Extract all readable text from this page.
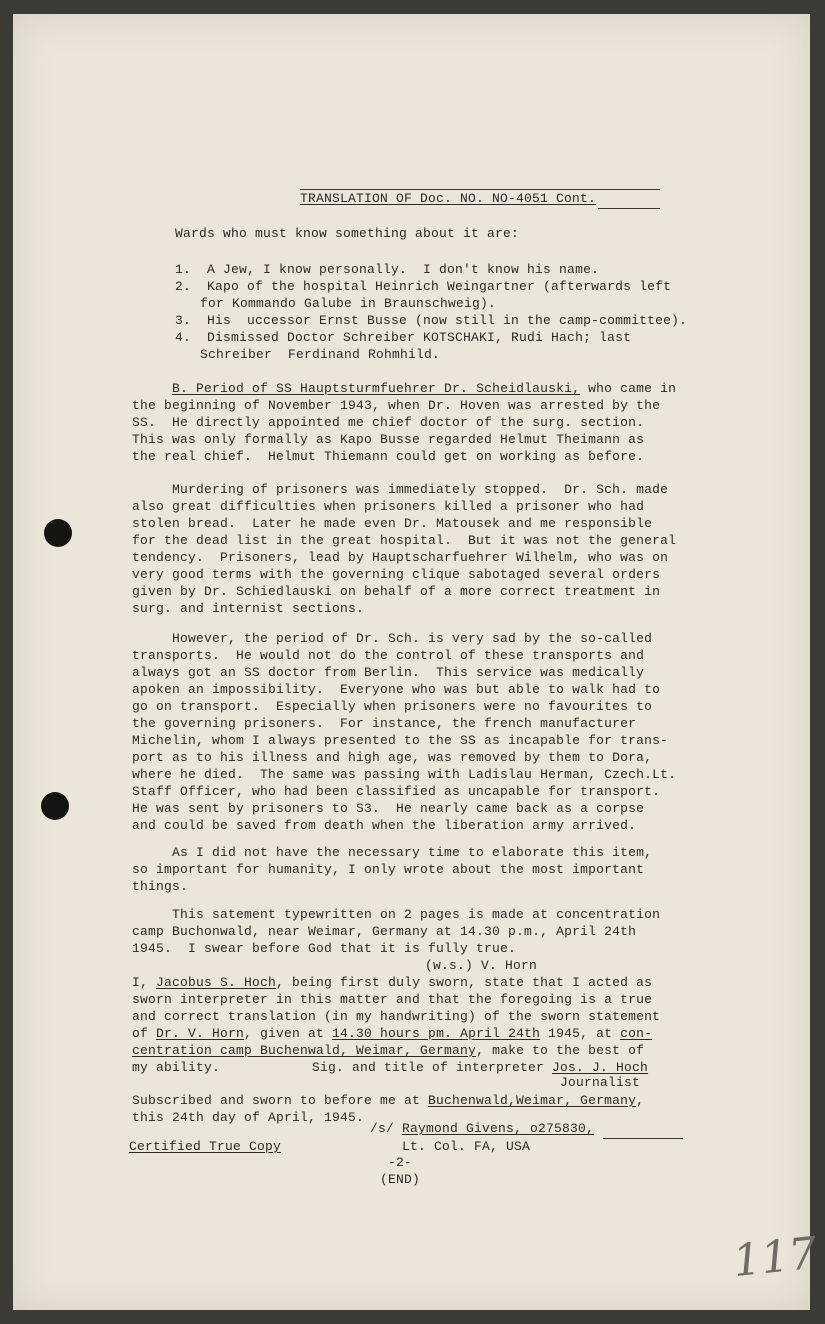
TRANSLATION OF Doc. NO. NO-4051 Cont.
Wards who must know something about it are:
1.  A Jew, I know personally.  I don't know his name.
2.  Kapo of the hospital Heinrich Weingartner (afterwards left
for Kommando Galube in Braunschweig).
3.  His  uccessor Ernst Busse (now still in the camp-committee).
4.  Dismissed Doctor Schreiber KOTSCHAKI, Rudi Hach; last
Schreiber  Ferdinand Rohmhild.
B. Period of SS Hauptsturmfuehrer Dr. Scheidlauski, who came in
the beginning of November 1943, when Dr. Hoven was arrested by the
SS.  He directly appointed me chief doctor of the surg. section.
This was only formally as Kapo Busse regarded Helmut Theimann as
the real chief.  Helmut Thiemann could get on working as before.
Murdering of prisoners was immediately stopped.  Dr. Sch. made
also great difficulties when prisoners killed a prisoner who had
stolen bread.  Later he made even Dr. Matousek and me responsible
for the dead list in the great hospital.  But it was not the general
tendency.  Prisoners, lead by Hauptscharfuehrer Wilhelm, who was on
very good terms with the governing clique sabotaged several orders
given by Dr. Schiedlauski on behalf of a more correct treatment in
surg. and internist sections.
However, the period of Dr. Sch. is very sad by the so-called
transports.  He would not do the control of these transports and
always got an SS doctor from Berlin.  This service was medically
apoken an impossibility.  Everyone who was but able to walk had to
go on transport.  Especially when prisoners were no favourites to
the governing prisoners.  For instance, the french manufacturer
Michelin, whom I always presented to the SS as incapable for trans-
port as to his illness and high age, was removed by them to Dora,
where he died.  The same was passing with Ladislau Herman, Czech.Lt.
Staff Officer, who had been classified as uncapable for transport.
He was sent by prisoners to S3.  He nearly came back as a corpse
and could be saved from death when the liberation army arrived.
As I did not have the necessary time to elaborate this item,
so important for humanity, I only wrote about the most important
things.
This satement typewritten on 2 pages is made at concentration
camp Buchonwald, near Weimar, Germany at 14.30 p.m., April 24th
1945.  I swear before God that it is fully true.
(w.s.) V. Horn
I, Jacobus S. Hoch, being first duly sworn, state that I acted as
sworn interpreter in this matter and that the foregoing is a true
and correct translation (in my handwriting) of the sworn statement
of Dr. V. Horn, given at 14.30 hours pm. April 24th 1945, at con-
centration camp Buchenwald, Weimar, Germany, make to the best of
my ability.	Sig. and title of interpreter Jos. J. Hoch
Journalist
Subscribed and sworn to before me at Buchenwald,Weimar, Germany,
this 24th day of April, 1945.
/s/ Raymond Givens, o275830,
Lt. Col. FA, USA
Certified True Copy
-2-
(END)
117
